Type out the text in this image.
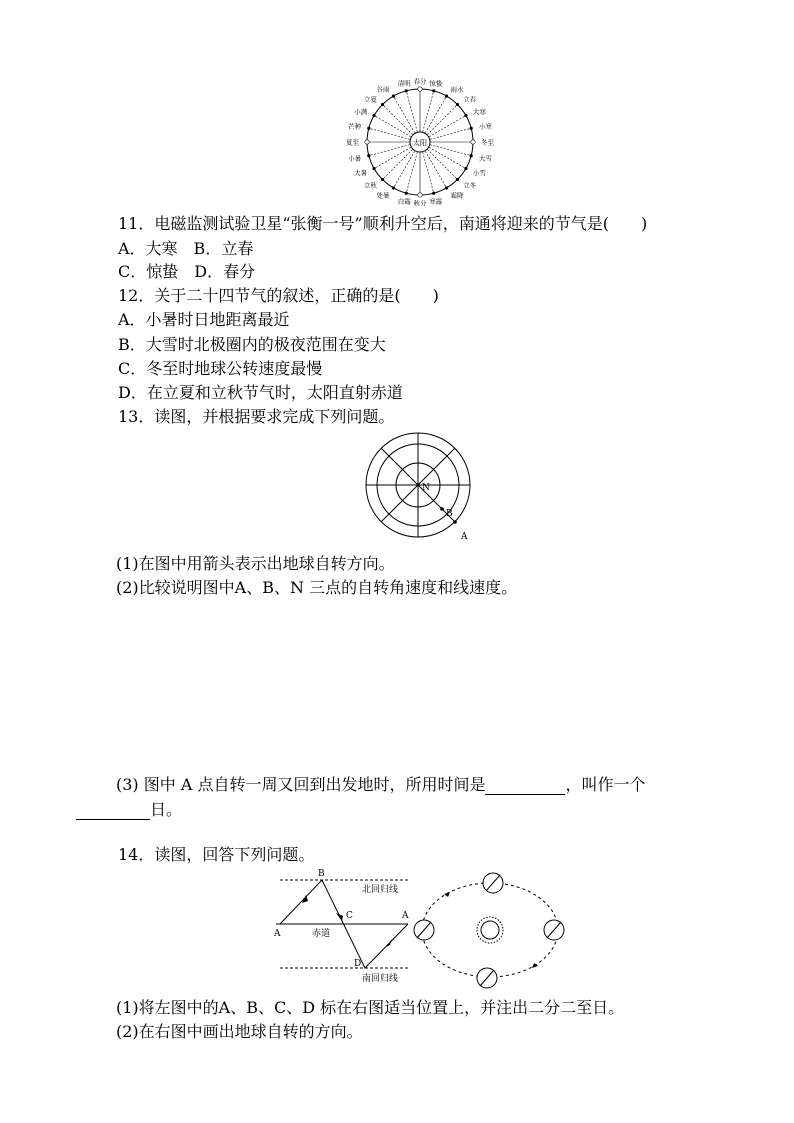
太阳
春分 惊蛰
雨水
立春
大寒
小寒
冬至
大雪
小雪
立冬
霜降
寒露
秋分
白露
处暑
立秋
大暑
小暑
夏至
芒种
小满
立夏
谷雨
清明
11．电磁监测试验卫星“张衡一号”顺利升空后，南通将迎来的节气是(　　)
A．大寒　B．立春
C．惊蛰　D．春分
12．关于二十四节气的叙述，正确的是(　　)
A．小暑时日地距离最近
B．大雪时北极圈内的极夜范围在变大
C．冬至时地球公转速度最慢
D．在立夏和立秋节气时，太阳直射赤道
13．读图，并根据要求完成下列问题。
N
B
A
(1)在图中用箭头表示出地球自转方向。
(2)比较说明图中A、B、N 三点的自转角速度和线速度。
(3) 图中 A 点自转一周又回到出发地时，所用时间是	，叫作一个
日。
14．读图，回答下列问题。
B
C
A
A
D
北回归线
赤道
南回归线
(1)将左图中的A、B、C、D 标在右图适当位置上，并注出二分二至日。
(2)在右图中画出地球自转的方向。
